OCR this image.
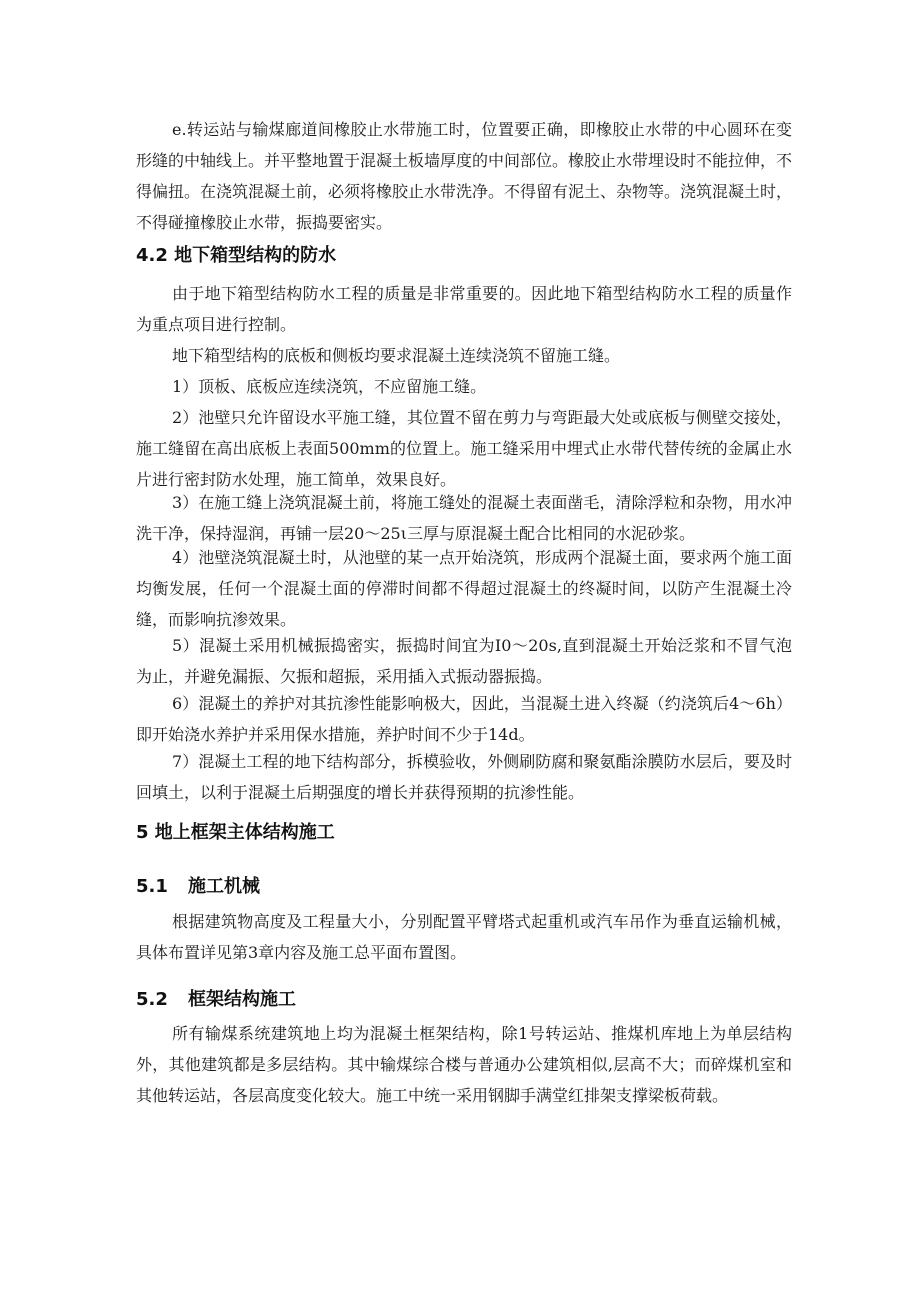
e.转运站与输煤廊道间橡胶止水带施工时，位置要正确，即橡胶止水带的中心圆环在变形缝的中轴线上。并平整地置于混凝土板墙厚度的中间部位。橡胶止水带埋设时不能拉伸，不得偏扭。在浇筑混凝土前，必须将橡胶止水带洗净。不得留有泥土、杂物等。浇筑混凝土时，不得碰撞橡胶止水带，振捣要密实。

4.2 地下箱型结构的防水

由于地下箱型结构防水工程的质量是非常重要的。因此地下箱型结构防水工程的质量作为重点项目进行控制。

地下箱型结构的底板和侧板均要求混凝土连续浇筑不留施工缝。

1）顶板、底板应连续浇筑，不应留施工缝。

2）池壁只允许留设水平施工缝，其位置不留在剪力与弯距最大处或底板与侧壁交接处，施工缝留在高出底板上表面500mm的位置上。施工缝采用中埋式止水带代替传统的金属止水片进行密封防水处理，施工简单，效果良好。

3）在施工缝上浇筑混凝土前，将施工缝处的混凝土表面凿毛，清除浮粒和杂物，用水冲洗干净，保持湿润，再铺一层20～25ι三厚与原混凝土配合比相同的水泥砂浆。

4）池壁浇筑混凝土时，从池壁的某一点开始浇筑，形成两个混凝土面，要求两个施工面均衡发展，任何一个混凝土面的停滞时间都不得超过混凝土的终凝时间，以防产生混凝土冷缝，而影响抗渗效果。

5）混凝土采用机械振捣密实，振捣时间宜为I0～20s,直到混凝土开始泛浆和不冒气泡为止，并避免漏振、欠振和超振，采用插入式振动器振捣。

6）混凝土的养护对其抗渗性能影响极大，因此，当混凝土进入终凝（约浇筑后4～6h）即开始浇水养护并采用保水措施，养护时间不少于14d。

7）混凝土工程的地下结构部分，拆模验收，外侧刷防腐和聚氨酯涂膜防水层后，要及时回填土，以利于混凝土后期强度的增长并获得预期的抗渗性能。

5 地上框架主体结构施工
5.1 施工机械

根据建筑物高度及工程量大小，分别配置平臂塔式起重机或汽车吊作为垂直运输机械，具体布置详见第3章内容及施工总平面布置图。

5.2 框架结构施工

所有输煤系统建筑地上均为混凝土框架结构，除1号转运站、推煤机库地上为单层结构外，其他建筑都是多层结构。其中输煤综合楼与普通办公建筑相似,层高不大；而碎煤机室和其他转运站，各层高度变化较大。施工中统一采用钢脚手满堂红排架支撑梁板荷载。
